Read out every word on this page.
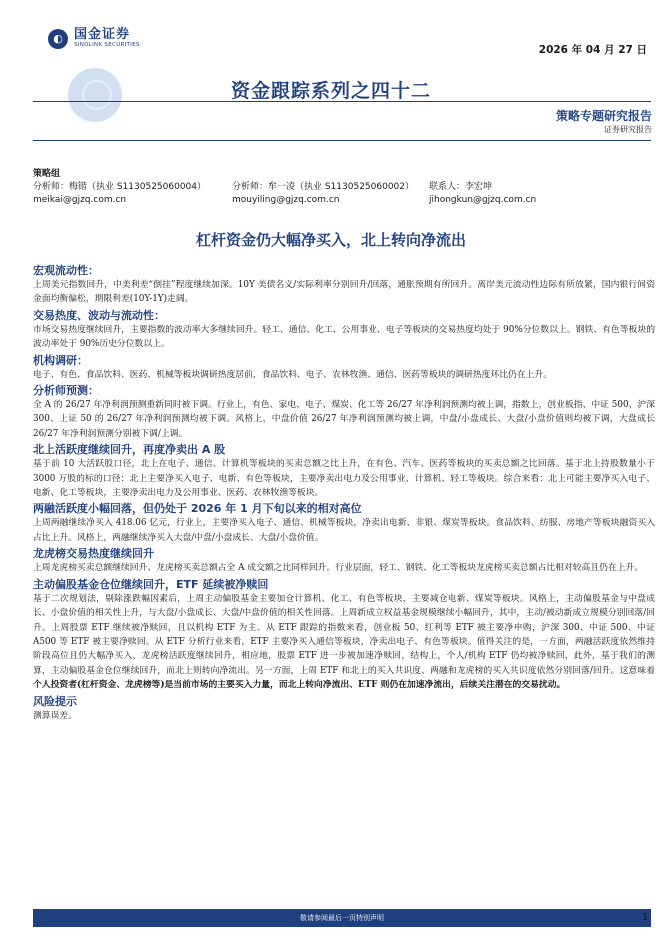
◐ 国金证券
SINOLINK SECURITIES	2026 年 04 月 27 日
资金跟踪系列之四十二
策略专题研究报告
证券研究报告
策略组
分析师：梅锴（执业 S1130525060004）	分析师：牟一凌（执业 S1130525060002） 联系人：李宏坤
meikai@gjzq.com.cn	mouyiling@gjzq.com.cn	jihongkun@gjzq.com.cn
杠杆资金仍大幅净买入，北上转向净流出
宏观流动性：

上周美元指数回升，中美利差“倒挂”程度继续加深。10Y 美债名义/实际利率分别回升/回落，通胀预期有所回升。离岸美元流动性边际有所放紧，国内银行间资金面均衡偏松，期限利差(10Y-1Y)走阔。

交易热度、波动与流动性：

市场交易热度继续回升，主要指数的波动率大多继续回升。轻工、通信、化工、公用事业、电子等板块的交易热度均处于 90%分位数以上。钢铁、有色等板块的波动率处于 90%历史分位数以上。

机构调研：

电子、有色、食品饮料、医药、机械等板块调研热度居前，食品饮料、电子、农林牧渔、通信、医药等板块的调研热度环比仍在上升。

分析师预测：

全 A 的 26/27 年净利润预测重新同时被下调。行业上，有色、家电、电子、煤炭、化工等 26/27 年净利润预测均被上调，指数上，创业板指、中证 500、沪深 300、上证 50 的 26/27 年净利润预测均被下调。风格上，中盘价值 26/27 年净利润预测均被上调，中盘/小盘成长、大盘/小盘价值则均被下调，大盘成长 26/27 年净利润预测分别被下调/上调。

北上活跃度继续回升，再度净卖出 A 股

基于前 10 大活跃股口径，北上在电子、通信、计算机等板块的买卖总额之比上升，在有色、汽车、医药等板块的买卖总额之比回落。基于北上持股数量小于 3000 万股的标的口径：北上主要净买入电子、电新、有色等板块，主要净卖出电力及公用事业、计算机、轻工等板块。综合来看：北上可能主要净买入电子、电新、化工等板块，主要净卖出电力及公用事业、医药、农林牧渔等板块。

两融活跃度小幅回落，但仍处于 2026 年 1 月下旬以来的相对高位

上周两融继续净买入 418.06 亿元，行业上，主要净买入电子、通信、机械等板块，净卖出电新、非银、煤炭等板块。食品饮料、纺服、房地产等板块融资买入占比上升。风格上，两融继续净买入大盘/中盘/小盘成长、大盘/小盘价值。

龙虎榜交易热度继续回升

上周龙虎榜买卖总额继续回升、龙虎榜买卖总额占全 A 成交额之比同样回升。行业层面，轻工、钢铁、化工等板块龙虎榜买卖总额占比相对较高且仍在上升。

主动偏股基金仓位继续回升，ETF 延续被净赎回

基于二次规划法，剔除涨跌幅因素后，上周主动偏股基金主要加仓计算机、化工、有色等板块，主要减仓电新、煤炭等板块。风格上，主动偏股基金与中盘成长、小盘价值的相关性上升，与大盘/小盘成长、大盘/中盘价值的相关性回落。上周新成立权益基金规模继续小幅回升，其中，主动/被动新成立规模分别回落/回升。上周股票 ETF 继续被净赎回，且以机构 ETF 为主。从 ETF 跟踪的指数来看，创业板 50、红利等 ETF 被主要净申购，沪深 300、中证 500、中证 A500 等 ETF 被主要净赎回。从 ETF 分析行业来看，ETF 主要净买入通信等板块，净卖出电子、有色等板块。值得关注的是，一方面，两融活跃度依然维持阶段高位且仍大幅净买入，龙虎榜活跃度继续回升，相应地，股票 ETF 进一步被加速净赎回，结构上，个人/机构 ETF 仍均被净赎回，此外，基于我们的测算，主动偏股基金仓位继续回升，而北上则转向净流出。另一方面，上周 ETF 和北上的买入共识度、两融和龙虎榜的买入共识度依然分别回落/回升。这意味着个人投资者(杠杆资金、龙虎榜等)是当前市场的主要买入力量，而北上转向净流出、ETF 则仍在加速净流出，后续关注潜在的交易扰动。

风险提示

测算误差。

敬请参阅最后一页特别声明	1
